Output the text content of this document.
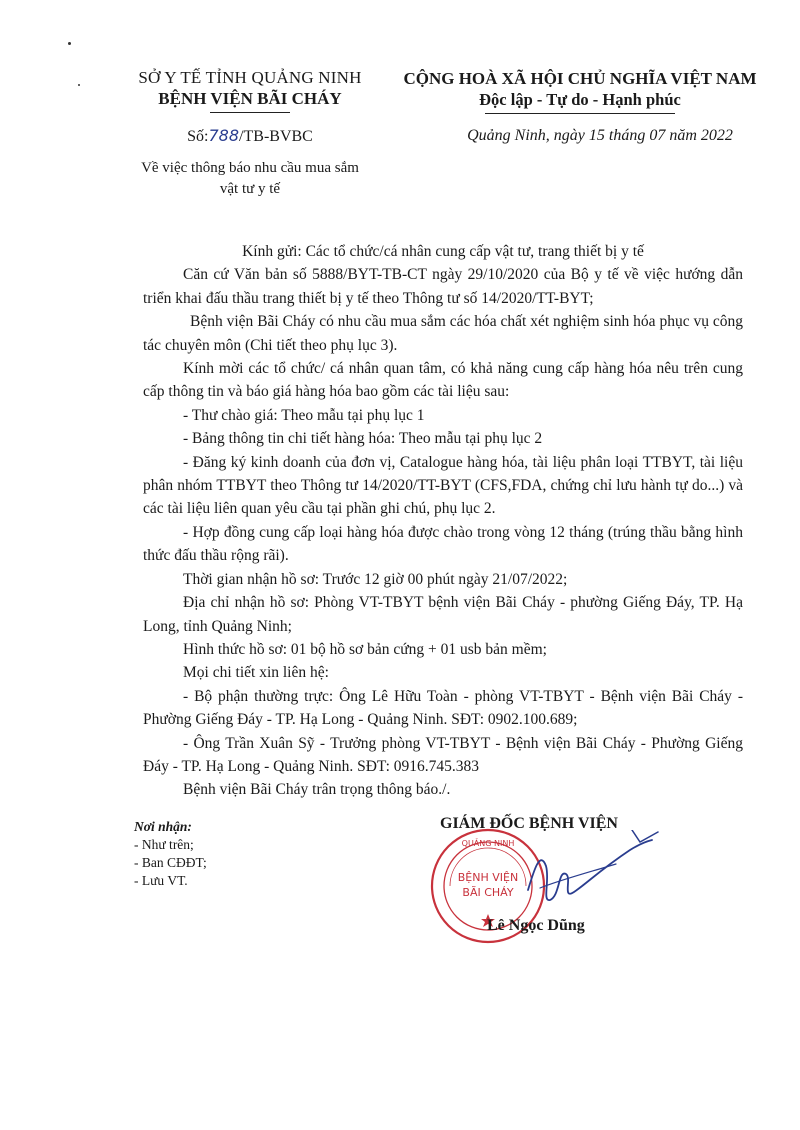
SỞ Y TẾ TỈNH QUẢNG NINH
BỆNH VIỆN BÃI CHÁY
CỘNG HOÀ XÃ HỘI CHỦ NGHĨA VIỆT NAM
Độc lập - Tự do - Hạnh phúc
Số:788/TB-BVBC	Quảng Ninh, ngày 15 tháng 07 năm 2022
Về việc thông báo nhu cầu mua sắm
vật tư y tế

Kính gửi: Các tổ chức/cá nhân cung cấp vật tư, trang thiết bị y tế

Căn cứ Văn bản số 5888/BYT-TB-CT ngày 29/10/2020 của Bộ y tế về việc hướng dẫn triển khai đấu thầu trang thiết bị y tế theo Thông tư số 14/2020/TT-BYT;

Bệnh viện Bãi Cháy có nhu cầu mua sắm các hóa chất xét nghiệm sinh hóa phục vụ công tác chuyên môn (Chi tiết theo phụ lục 3).

Kính mời các tổ chức/ cá nhân quan tâm, có khả năng cung cấp hàng hóa nêu trên cung cấp thông tin và báo giá hàng hóa bao gồm các tài liệu sau:

- Thư chào giá: Theo mẫu tại phụ lục 1

- Bảng thông tin chi tiết hàng hóa: Theo mẫu tại phụ lục 2

- Đăng ký kinh doanh của đơn vị, Catalogue hàng hóa, tài liệu phân loại TTBYT, tài liệu phân nhóm TTBYT theo Thông tư 14/2020/TT-BYT (CFS,FDA, chứng chỉ lưu hành tự do...) và các tài liệu liên quan yêu cầu tại phần ghi chú, phụ lục 2.

- Hợp đồng cung cấp loại hàng hóa được chào trong vòng 12 tháng (trúng thầu bằng hình thức đấu thầu rộng rãi).

Thời gian nhận hồ sơ: Trước 12 giờ 00 phút ngày 21/07/2022;

Địa chỉ nhận hồ sơ: Phòng VT-TBYT bệnh viện Bãi Cháy - phường Giếng Đáy, TP. Hạ Long, tỉnh Quảng Ninh;

Hình thức hồ sơ: 01 bộ hồ sơ bản cứng + 01 usb bản mềm;

Mọi chi tiết xin liên hệ:

- Bộ phận thường trực: Ông Lê Hữu Toàn - phòng VT-TBYT - Bệnh viện Bãi Cháy - Phường Giếng Đáy - TP. Hạ Long - Quảng Ninh. SĐT: 0902.100.689;

- Ông Trần Xuân Sỹ - Trưởng phòng VT-TBYT - Bệnh viện Bãi Cháy - Phường Giếng Đáy - TP. Hạ Long - Quảng Ninh. SĐT: 0916.745.383

Bệnh viện Bãi Cháy trân trọng thông báo./.

Nơi nhận:
- Như trên;
- Ban CĐĐT;
- Lưu VT.
QUẢNG NINH
BỆNH VIỆN
BÃI CHÁY
GIÁM ĐỐC BỆNH VIỆN
Lê Ngọc Dũng
